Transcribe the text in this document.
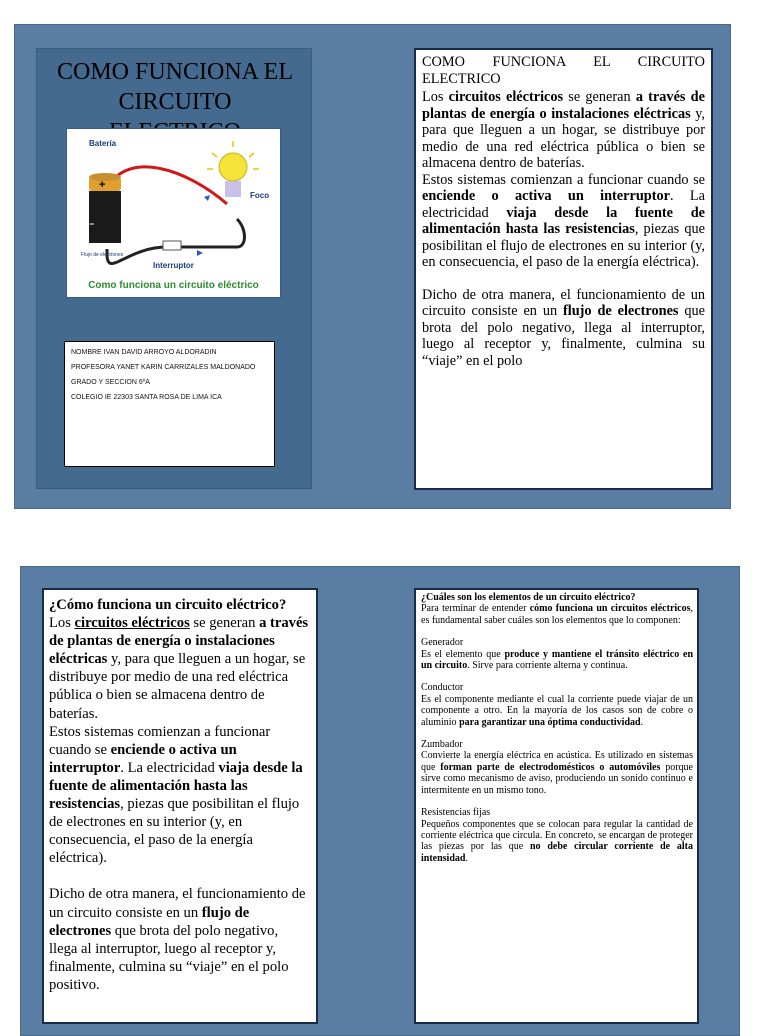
COMO FUNCIONA EL
CIRCUITO

Batería
Foco
Interruptor
Flujo de electrones
+
−
Como funciona un circuito eléctrico
NOMBRE IVAN DAVID ARROYO ALDORADIN
PROFESORA YANET KARIN CARRIZALES MALDONADO
GRADO Y SECCION 6ºA
COLEGIO IE 22303 SANTA ROSA DE LIMA ICA
COMO FUNCIONA EL CIRCUITO ELECTRICO
Los circuitos eléctricos se generan a través de plantas de energía o instalaciones eléctricas y, para que lleguen a un hogar, se distribuye por medio de una red eléctrica pública o bien se almacena dentro de baterías.
Estos sistemas comienzan a funcionar cuando se enciende o activa un interruptor. La electricidad viaja desde la fuente de alimentación hasta las resistencias, piezas que posibilitan el flujo de electrones en su interior (y, en consecuencia, el paso de la energía eléctrica).
Dicho de otra manera, el funcionamiento de un circuito consiste en un flujo de electrones que brota del polo negativo, llega al interruptor, luego al receptor y, finalmente, culmina su “viaje” en el polo
¿Cómo funciona un circuito eléctrico?
Los circuitos eléctricos se generan a través de plantas de energía o instalaciones eléctricas y, para que lleguen a un hogar, se distribuye por medio de una red eléctrica pública o bien se almacena dentro de baterías.
Estos sistemas comienzan a funcionar cuando se enciende o activa un interruptor. La electricidad viaja desde la fuente de alimentación hasta las resistencias, piezas que posibilitan el flujo de electrones en su interior (y, en consecuencia, el paso de la energía eléctrica).
Dicho de otra manera, el funcionamiento de un circuito consiste en un flujo de electrones que brota del polo negativo, llega al interruptor, luego al receptor y, finalmente, culmina su “viaje” en el polo positivo.
¿Cuáles son los elementos de un circuito eléctrico?
Para terminar de entender cómo funciona un circuitos eléctricos, es fundamental saber cuáles son los elementos que lo componen:
Generador
Es el elemento que produce y mantiene el tránsito eléctrico en un circuito. Sirve para corriente alterna y continua.
Conductor
Es el componente mediante el cual la corriente puede viajar de un componente a otro. En la mayoría de los casos son de cobre o aluminio para garantizar una óptima conductividad.
Zumbador
Convierte la energía eléctrica en acústica. Es utilizado en sistemas que forman parte de electrodomésticos o automóviles porque sirve como mecanismo de aviso, produciendo un sonido continuo e intermitente en un mismo tono.
Resistencias fijas
Pequeños componentes que se colocan para regular la cantidad de corriente eléctrica que circula. En concreto, se encargan de proteger las piezas por las que no debe circular corriente de alta intensidad.
